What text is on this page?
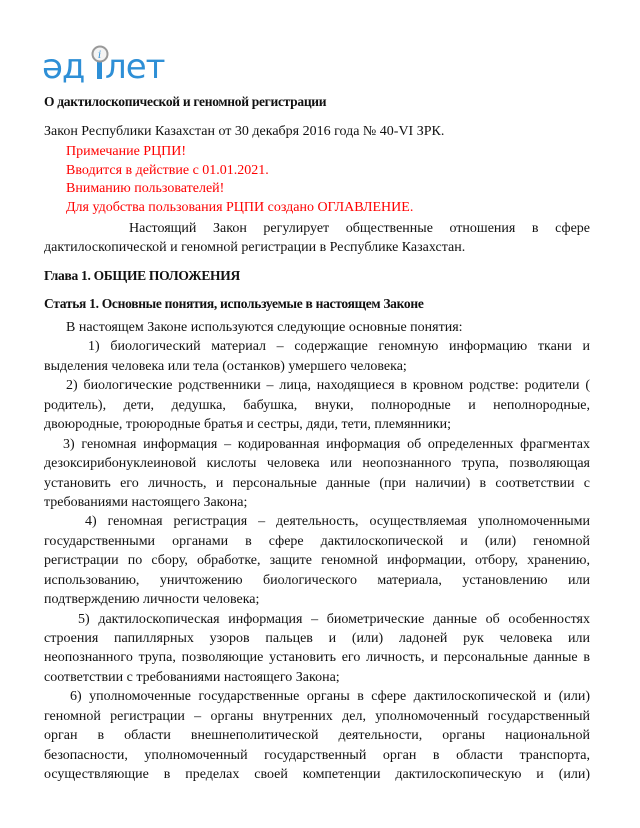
әд i лет
О дактилоскопической и геномной регистрации
Закон Республики Казахстан от 30 декабря 2016 года № 40-VI ЗРК.
Примечание РЦПИ!
Вводится в действие с 01.01.2021.
Вниманию пользователей!
Для удобства пользования РЦПИ создано ОГЛАВЛЕНИЕ.
Настоящий Закон регулирует общественные отношения в сфере
дактилоскопической и геномной регистрации в Республике Казахстан.
Глава 1. ОБЩИЕ ПОЛОЖЕНИЯ
Статья 1. Основные понятия, используемые в настоящем Законе
В настоящем Законе используются следующие основные понятия:
1) биологический материал – содержащие геномную информацию ткани и
выделения человека или тела (останков) умершего человека;
2) биологические родственники – лица, находящиеся в кровном родстве: родители (
родитель), дети, дедушка, бабушка, внуки, полнородные и неполнородные,
двоюродные, троюродные братья и сестры, дяди, тети, племянники;
3) геномная информация – кодированная информация об определенных фрагментах
дезоксирибонуклеиновой кислоты человека или неопознанного трупа, позволяющая
установить его личность, и персональные данные (при наличии) в соответствии с
требованиями настоящего Закона;
4) геномная регистрация – деятельность, осуществляемая уполномоченными
государственными органами в сфере дактилоскопической и (или) геномной
регистрации по сбору, обработке, защите геномной информации, отбору, хранению,
использованию, уничтожению биологического материала, установлению или
подтверждению личности человека;
5) дактилоскопическая информация – биометрические данные об особенностях
строения папиллярных узоров пальцев и (или) ладоней рук человека или
неопознанного трупа, позволяющие установить его личность, и персональные данные в
соответствии с требованиями настоящего Закона;
6) уполномоченные государственные органы в сфере дактилоскопической и (или)
геномной регистрации – органы внутренних дел, уполномоченный государственный
орган в области внешнеполитической деятельности, органы национальной
безопасности, уполномоченный государственный орган в области транспорта,
осуществляющие в пределах своей компетенции дактилоскопическую и (или)
